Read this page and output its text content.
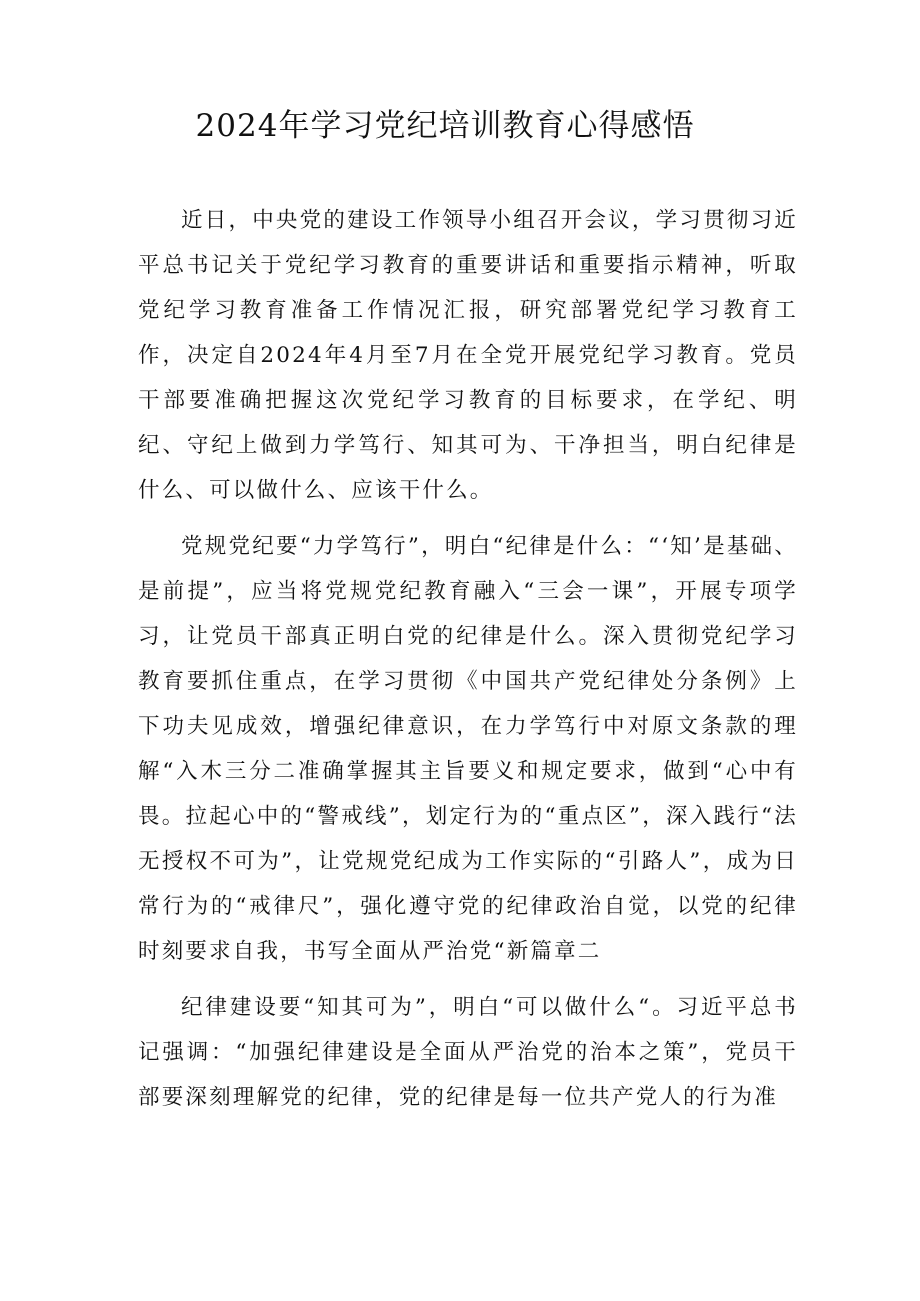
2024年学习党纪培训教育心得感悟

近日，中央党的建设工作领导小组召开会议，学习贯彻习近平总书记关于党纪学习教育的重要讲话和重要指示精神，听取党纪学习教育准备工作情况汇报，研究部署党纪学习教育工作，决定自2024年4月至7月在全党开展党纪学习教育。党员干部要准确把握这次党纪学习教育的目标要求，在学纪、明纪、守纪上做到力学笃行、知其可为、干净担当，明白纪律是什么、可以做什么、应该干什么。

党规党纪要“力学笃行”，明白“纪律是什么：“‘知’是基础、是前提”，应当将党规党纪教育融入“三会一课”，开展专项学习，让党员干部真正明白党的纪律是什么。深入贯彻党纪学习教育要抓住重点，在学习贯彻《中国共产党纪律处分条例》上下功夫见成效，增强纪律意识，在力学笃行中对原文条款的理解“入木三分二准确掌握其主旨要义和规定要求，做到“心中有畏。拉起心中的“警戒线”，划定行为的“重点区”，深入践行“法无授权不可为”，让党规党纪成为工作实际的“引路人”，成为日常行为的“戒律尺”，强化遵守党的纪律政治自觉，以党的纪律时刻要求自我，书写全面从严治党“新篇章二

纪律建设要“知其可为”，明白“可以做什么“。习近平总书记强调：“加强纪律建设是全面从严治党的治本之策”，党员干部要深刻理解党的纪律，党的纪律是每一位共产党人的行为准
